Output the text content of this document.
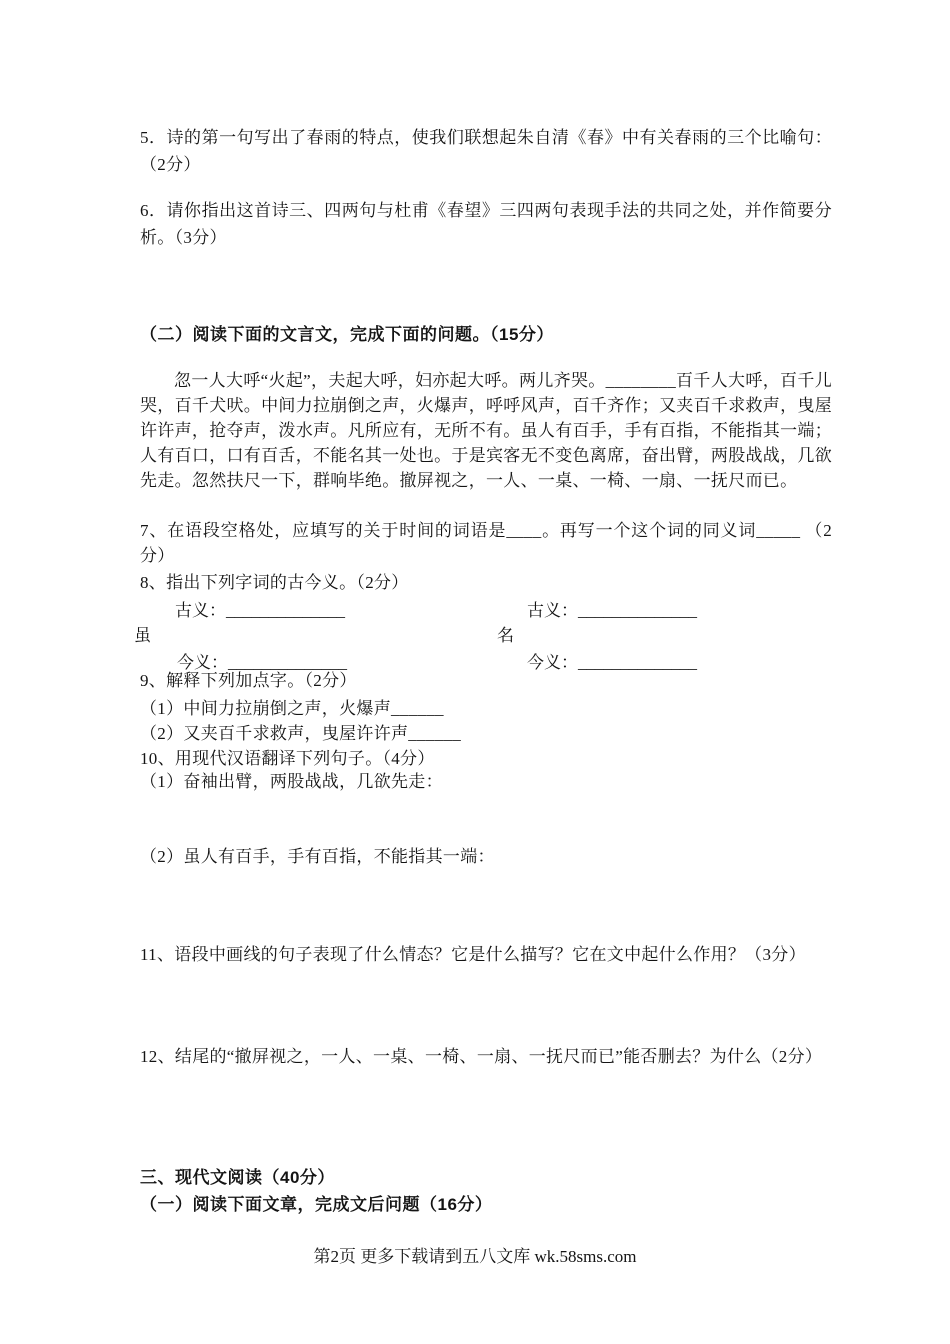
5．诗的第一句写出了春雨的特点，使我们联想起朱自清《春》中有关春雨的三个比喻句：（2分）
6．请你指出这首诗三、四两句与杜甫《春望》三四两句表现手法的共同之处，并作简要分析。（3分）
（二）阅读下面的文言文，完成下面的问题。（15分）
忽一人大呼“火起”，夫起大呼，妇亦起大呼。两儿齐哭。________百千人大呼，百千儿哭，百千犬吠。中间力拉崩倒之声，火爆声，呼呼风声，百千齐作；又夹百千求救声，曳屋许许声，抢夺声，泼水声。凡所应有，无所不有。虽人有百手，手有百指，不能指其一端；人有百口，口有百舌，不能名其一处也。于是宾客无不变色离席，奋出臂，两股战战，几欲先走。忽然扶尺一下，群响毕绝。撤屏视之，一人、一桌、一椅、一扇、一抚尺而已。
7、在语段空格处，应填写的关于时间的词语是____。再写一个这个词的同义词_____ （2分）
8、指出下列字词的古今义。（2分）
古义：______________	古义：______________
虽	名
今义：______________	今义：______________
9、解释下列加点字。（2分）
（1）中间力拉崩倒之声，火爆声______
（2）又夹百千求救声，曳屋许许声______
10、用现代汉语翻译下列句子。（4分）
（1）奋袖出臂，两股战战，几欲先走：
（2）虽人有百手，手有百指，不能指其一端：
11、语段中画线的句子表现了什么情态？它是什么描写？它在文中起什么作用？（3分）
12、结尾的“撤屏视之，一人、一桌、一椅、一扇、一抚尺而已”能否删去？为什么（2分）
三、现代文阅读（40分）
（一）阅读下面文章，完成文后问题（16分）
第2页 更多下载请到五八文库 wk.58sms.com
